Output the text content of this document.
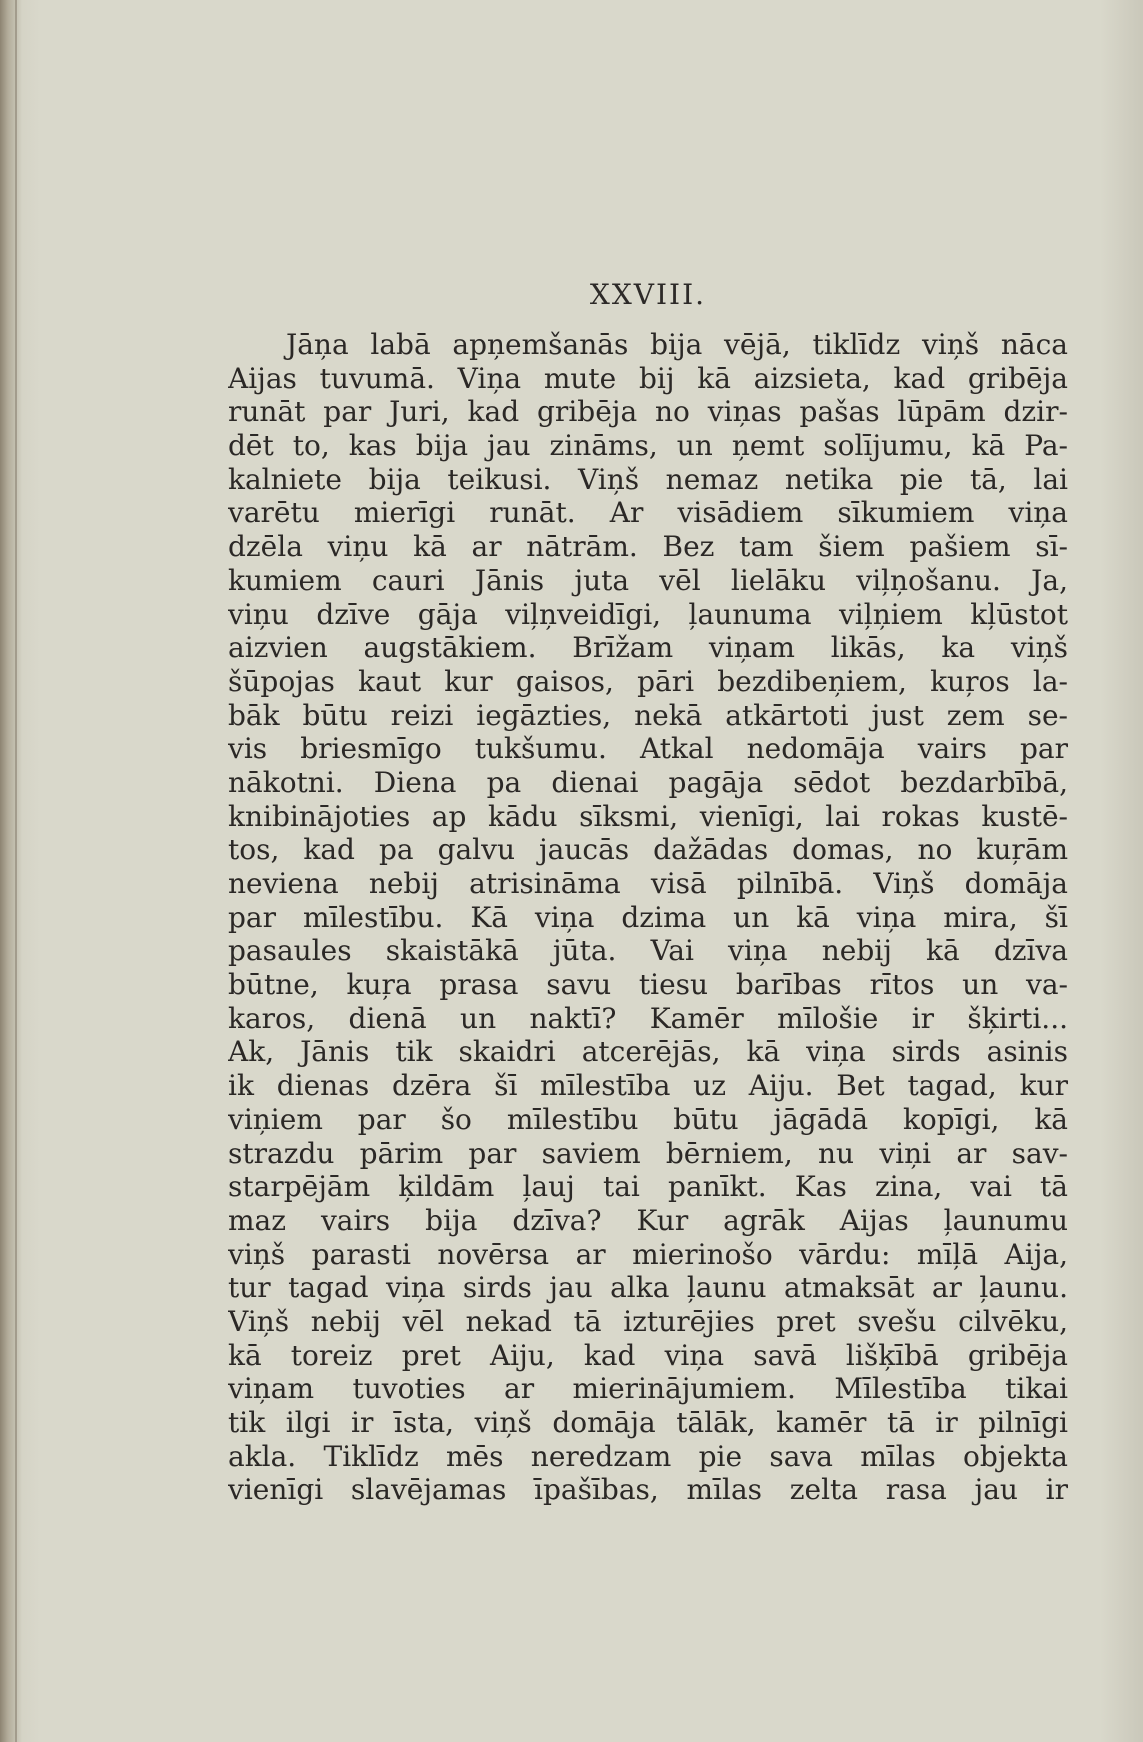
XXVIII.
Jāņa labā apņemšanās bija vējā, tiklīdz viņš nāca
Aijas tuvumā. Viņa mute bij kā aizsieta, kad gribēja
runāt par Juri, kad gribēja no viņas pašas lūpām dzir-
dēt to, kas bija jau zināms, un ņemt solījumu, kā Pa-
kalniete bija teikusi. Viņš nemaz netika pie tā, lai
varētu mierīgi runāt. Ar visādiem sīkumiem viņa
dzēla viņu kā ar nātrām. Bez tam šiem pašiem sī-
kumiem cauri Jānis juta vēl lielāku viļņošanu. Ja,
viņu dzīve gāja viļņveidīgi, ļaunuma viļņiem kļūstot
aizvien augstākiem. Brīžam viņam likās, ka viņš
šūpojas kaut kur gaisos, pāri bezdibeņiem, kuŗos la-
bāk būtu reizi iegāzties, nekā atkārtoti just zem se-
vis briesmīgo tukšumu. Atkal nedomāja vairs par
nākotni. Diena pa dienai pagāja sēdot bezdarbībā,
knibinājoties ap kādu sīksmi, vienīgi, lai rokas kustē-
tos, kad pa galvu jaucās dažādas domas, no kuŗām
neviena nebij atrisināma visā pilnībā. Viņš domāja
par mīlestību. Kā viņa dzima un kā viņa mira, šī
pasaules skaistākā jūta. Vai viņa nebij kā dzīva
būtne, kuŗa prasa savu tiesu barības rītos un va-
karos, dienā un naktī? Kamēr mīlošie ir šķirti...
Ak, Jānis tik skaidri atcerējās, kā viņa sirds asinis
ik dienas dzēra šī mīlestība uz Aiju. Bet tagad, kur
viņiem par šo mīlestību būtu jāgādā kopīgi, kā
strazdu pārim par saviem bērniem, nu viņi ar sav-
starpējām ķildām ļauj tai panīkt. Kas zina, vai tā
maz vairs bija dzīva? Kur agrāk Aijas ļaunumu
viņš parasti novērsa ar mierinošo vārdu: mīļā Aija,
tur tagad viņa sirds jau alka ļaunu atmaksāt ar ļaunu.
Viņš nebij vēl nekad tā izturējies pret svešu cilvēku,
kā toreiz pret Aiju, kad viņa savā lišķībā gribēja
viņam tuvoties ar mierinājumiem. Mīlestība tikai
tik ilgi ir īsta, viņš domāja tālāk, kamēr tā ir pilnīgi
akla. Tiklīdz mēs neredzam pie sava mīlas objekta
vienīgi slavējamas īpašības, mīlas zelta rasa jau ir
